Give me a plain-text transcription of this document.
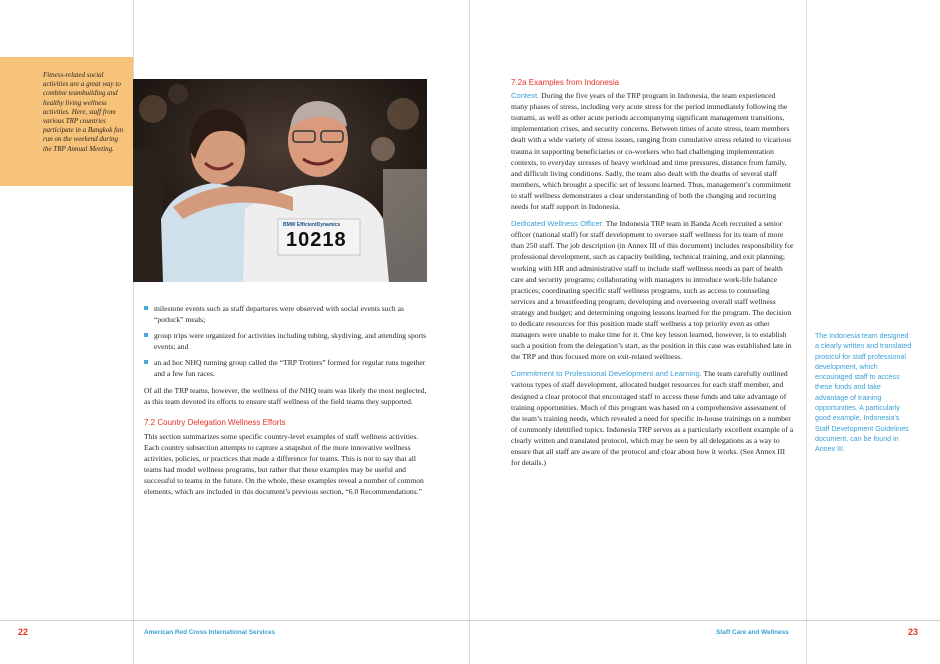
Fitness-related social activities are a great way to combine teambuilding and healthy living wellness activities. Here, staff from various TRP countries participate in a Bangkok fun run on the weekend during the TRP Annual Meeting.

BMW EfficientDynamics
10218
milestone events such as staff departures were observed with social events such as “potluck” meals;
group trips were organized for activities including tubing, skydiving, and attending sports events; and
an ad hoc NHQ running group called the “TRP Trotters” formed for regular runs together and a few fun races.

Of all the TRP teams, however, the wellness of the NHQ team was likely the most neglected, as this team devoted its efforts to ensure staff wellness of the field teams they supported.

7.2 Country Delegation Wellness Efforts

This section summarizes some specific country-level examples of staff wellness activities. Each country subsection attempts to capture a snapshot of the more innovative wellness activities, policies, or practices that made a difference for teams. This is not to say that all teams had model wellness programs, but rather that these examples may be useful and successful to teams in the future. On the whole, these examples reveal a number of common elements, which are included in this document’s previous section, “6.0 Recommendations.”

7.2a Examples from Indonesia

Context. During the five years of the TRP program in Indonesia, the team experienced many phases of stress, including very acute stress for the period immediately following the tsunami, as well as other acute periods accompanying significant management transitions, implementation crises, and security concerns. Between times of acute stress, team members dealt with a wide variety of stress issues, ranging from cumulative stress related to vicarious trauma in supporting beneficiaries or co-workers who had challenging implementation contexts, to everyday stresses of heavy workload and time pressures, distance from family, and difficult living conditions. Sadly, the team also dealt with the deaths of several staff members, which brought a specific set of lessons learned. Thus, management’s commitment to staff wellness demonstrates a clear understanding of both the changing and recurring needs for staff support in Indonesia.

Dedicated Wellness Officer. The Indonesia TRP team in Banda Aceh recruited a senior officer (national staff) for staff development to oversee staff wellness for its team of more than 250 staff. The job description (in Annex III of this document) includes responsibility for professional development, such as capacity building, technical training, and exit planning; working with HR and administrative staff to include staff wellness needs as part of health care and security programs; collaborating with managers to introduce work-life balance practices; coordinating specific staff wellness programs, such as access to counseling services and a breastfeeding program; developing and overseeing overall staff wellness strategy and budget; and determining ongoing lessons learned for the program. The decision to dedicate resources for this position made staff wellness a top priority even as other managers were unable to make time for it. One key lesson learned, however, is to establish such a position from the delegation’s start, as the position in this case was established late in the TRP and thus focused more on exit-related wellness.

Commitment to Professional Development and Learning. The team carefully outlined various types of staff development, allocated budget resources for each staff member, and designed a clear protocol that encouraged staff to access these funds and take advantage of training opportunities. Much of this program was based on a comprehensive assessment of the team’s training needs, which revealed a need for specific in-house trainings on a number of commonly identified topics. Indonesia TRP serves as a particularly excellent example of a clearly written and translated protocol, which may be seen by all delegations as a way to ensure that all staff are aware of the protocol and clear about how it works. (See Annex III for details.)

The Indonesia team designed a clearly written and translated protocol for staff professional development, which encouraged staff to access these funds and take advantage of training opportunities. A particularly good example, Indonesia’s Staff Development Guidelines document, can be found in Annex III.
22	American Red Cross International Services	Staff Care and Wellness	23
